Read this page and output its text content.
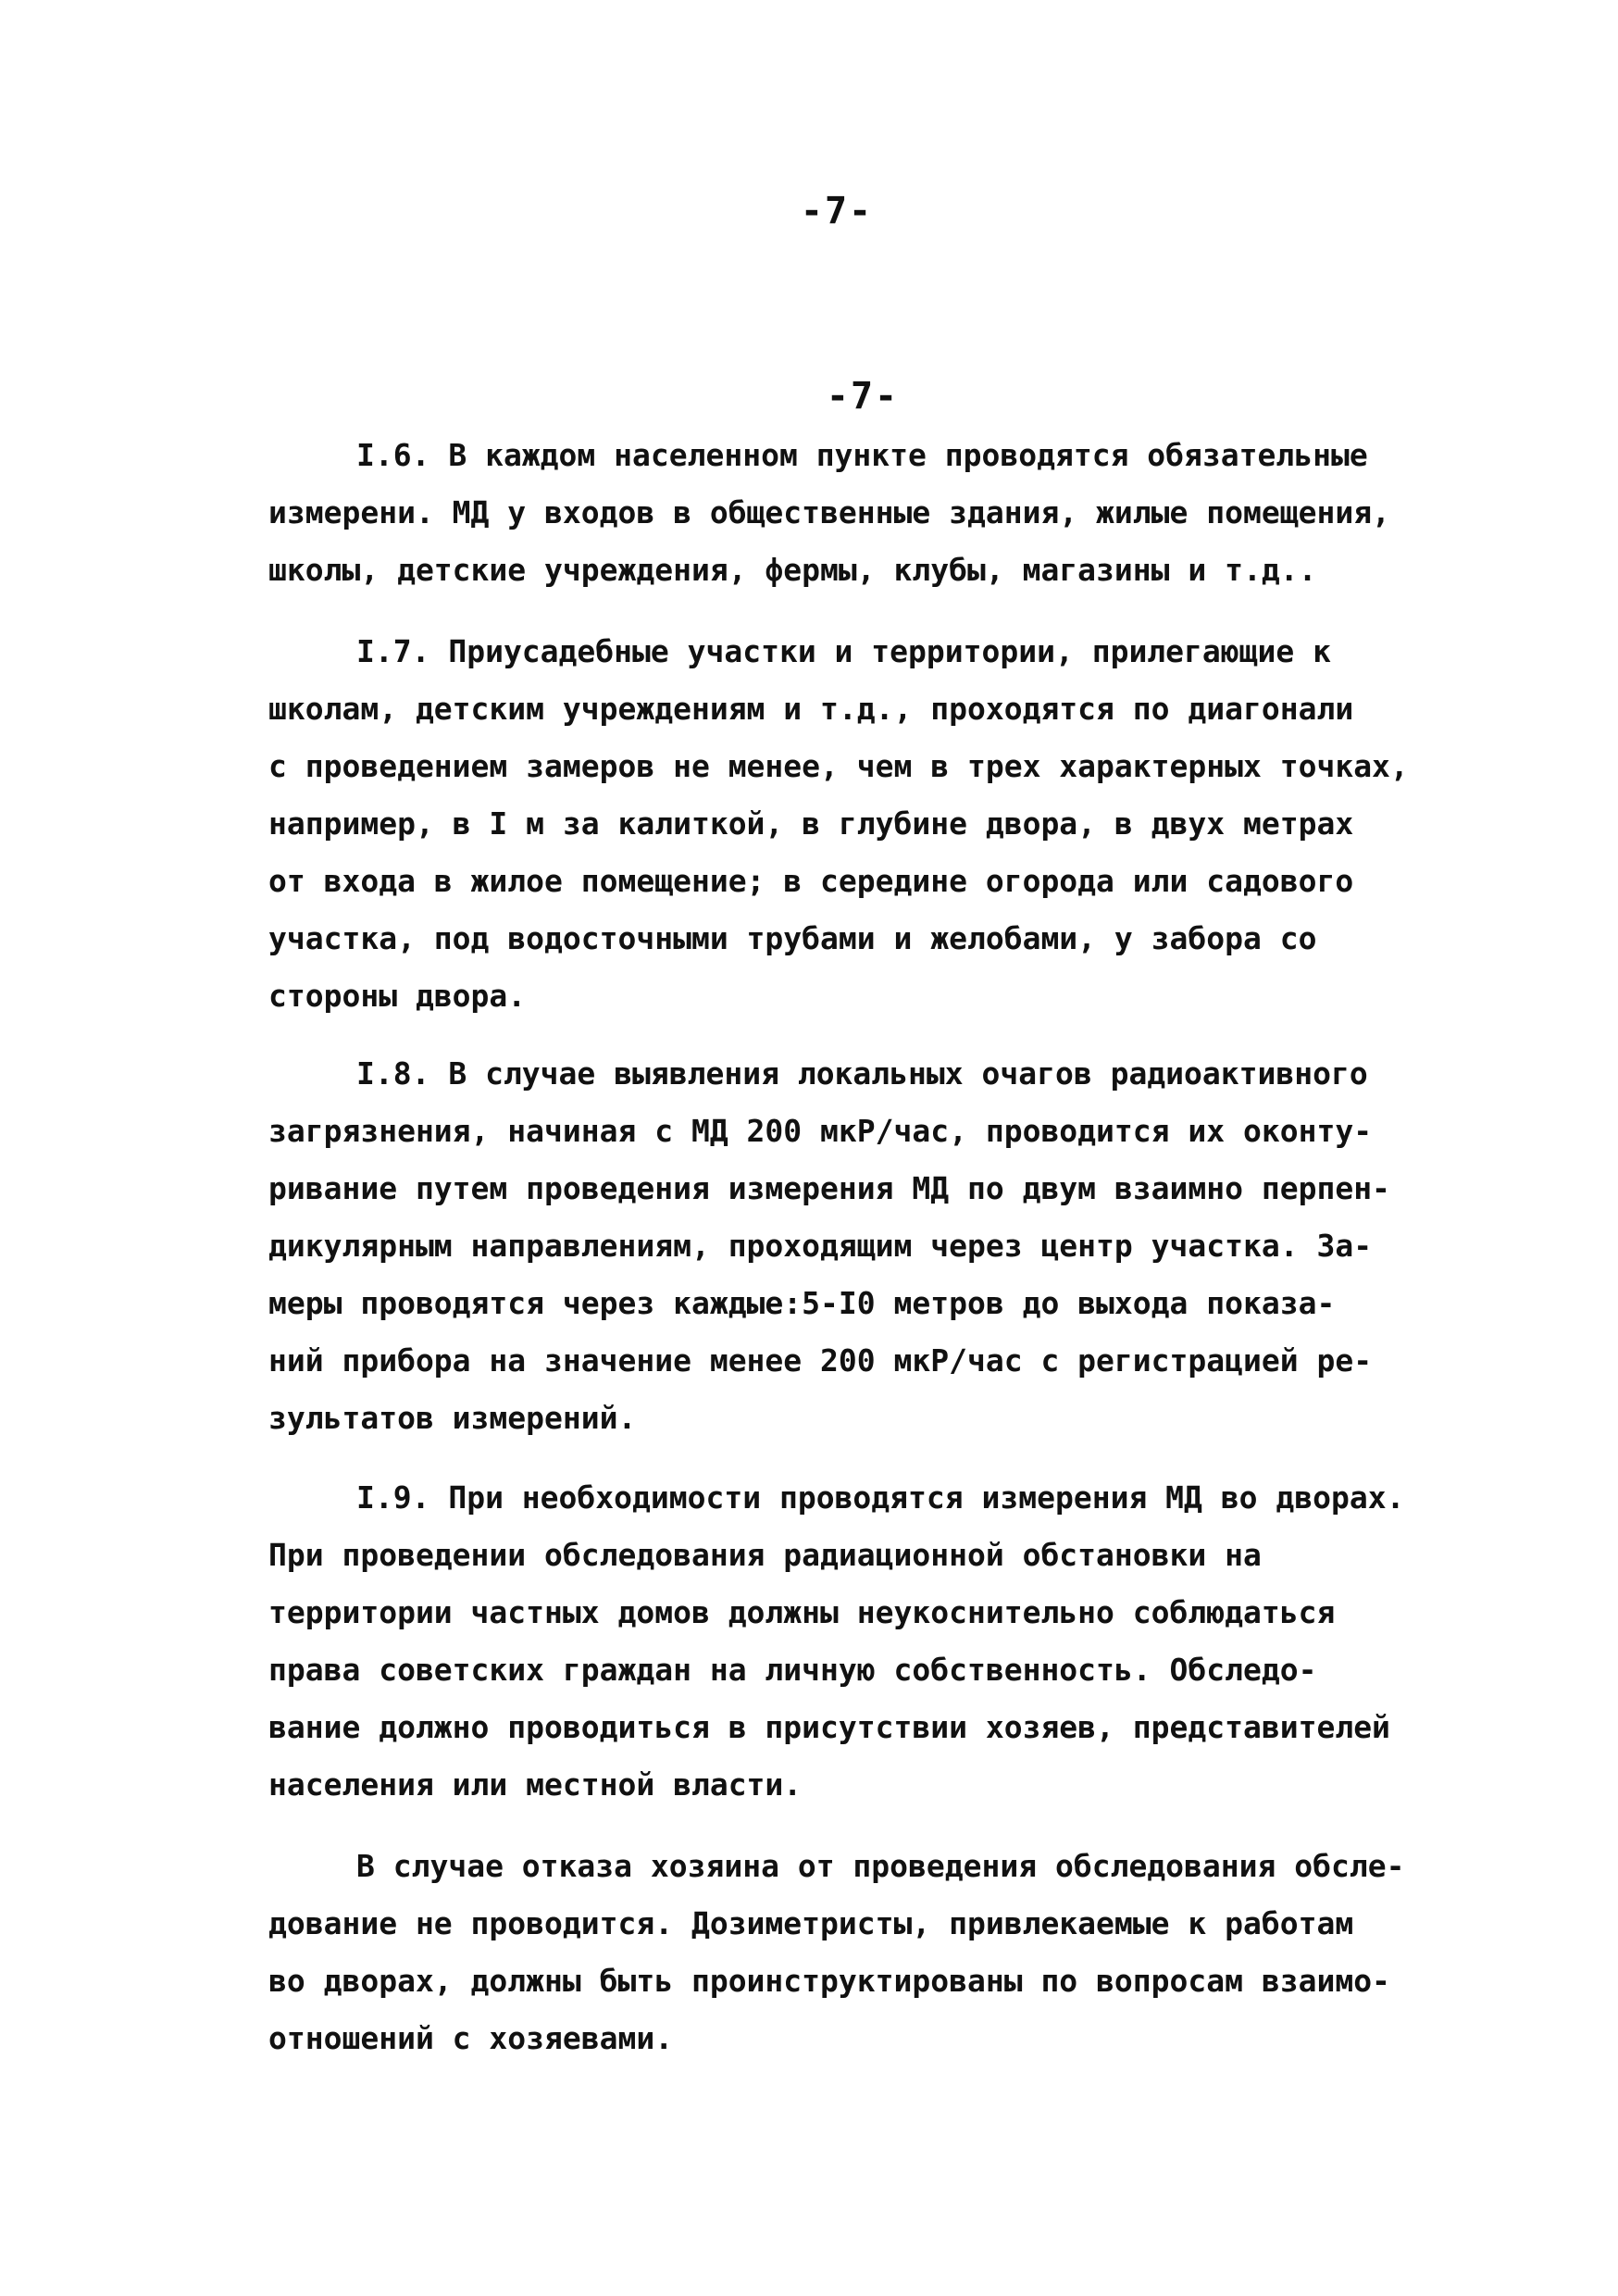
-7-
-7-
I.6. В каждом населенном пункте проводятся обязательные
измерени. МД у входов в общественные здания, жилые помещения,
школы, детские учреждения, фермы, клубы, магазины и т.д..
I.7. Приусадебные участки и территории, прилегающие к
школам, детским учреждениям и т.д., проходятся по диагонали
с проведением замеров не менее, чем в трех характерных точках,
например, в I м за калиткой, в глубине двора, в двух метрах
от входа в жилое помещение; в середине огорода или садового
участка, под водосточными трубами и желобами, у забора со
стороны двора.
I.8. В случае выявления локальных очагов радиоактивного
загрязнения, начиная с МД 200 мкР/час, проводится их оконту-
ривание путем проведения измерения МД по двум взаимно перпен-
дикулярным направлениям, проходящим через центр участка. За-
меры проводятся через каждые:5-I0 метров до выхода показа-
ний прибора на значение менее 200 мкР/час с регистрацией ре-
зультатов измерений.
I.9. При необходимости проводятся измерения МД во дворах.
При проведении обследования радиационной обстановки на
территории частных домов должны неукоснительно соблюдаться
права советских граждан на личную собственность. Обследо-
вание должно проводиться в присутствии хозяев, представителей
населения или местной власти.
В случае отказа хозяина от проведения обследования обсле-
дование не проводится. Дозиметристы, привлекаемые к работам
во дворах, должны быть проинструктированы по вопросам взаимо-
отношений с хозяевами.
